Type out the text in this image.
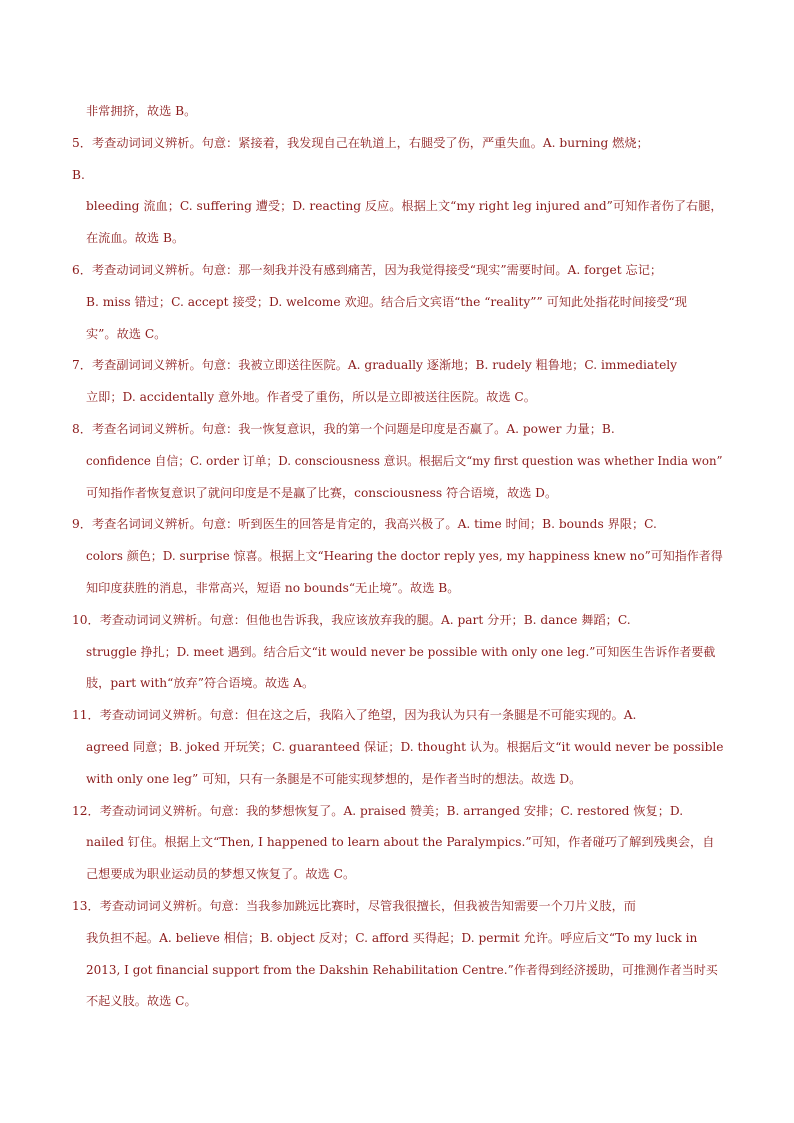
非常拥挤，故选 B。
5．考查动词词义辨析。句意：紧接着，我发现自己在轨道上，右腿受了伤，严重失血。A. burning 燃烧；
B.
bleeding 流血；C. suffering 遭受；D. reacting 反应。根据上文“my right leg injured and”可知作者伤了右腿，
在流血。故选 B。
6．考查动词词义辨析。句意：那一刻我并没有感到痛苦，因为我觉得接受“现实”需要时间。A. forget 忘记；
B. miss 错过；C. accept 接受；D. welcome 欢迎。结合后文宾语“the “reality”” 可知此处指花时间接受“现
实”。故选 C。
7．考查副词词义辨析。句意：我被立即送往医院。A. gradually 逐渐地；B. rudely 粗鲁地；C. immediately
立即；D. accidentally 意外地。作者受了重伤，所以是立即被送往医院。故选 C。
8．考查名词词义辨析。句意：我一恢复意识，我的第一个问题是印度是否赢了。A. power 力量；B.
confidence 自信；C. order 订单；D. consciousness 意识。根据后文“my first question was whether India won”
可知指作者恢复意识了就问印度是不是赢了比赛，consciousness 符合语境，故选 D。
9．考查名词词义辨析。句意：听到医生的回答是肯定的，我高兴极了。A. time 时间；B. bounds 界限；C.
colors 颜色；D. surprise 惊喜。根据上文“Hearing the doctor reply yes, my happiness knew no”可知指作者得
知印度获胜的消息，非常高兴，短语 no bounds“无止境”。故选 B。
10．考查动词词义辨析。句意：但他也告诉我，我应该放弃我的腿。A. part 分开；B. dance 舞蹈；C.
struggle 挣扎；D. meet 遇到。结合后文“it would never be possible with only one leg.”可知医生告诉作者要截
肢，part with“放弃”符合语境。故选 A。
11．考查动词词义辨析。句意：但在这之后，我陷入了绝望，因为我认为只有一条腿是不可能实现的。A.
agreed 同意；B. joked 开玩笑；C. guaranteed 保证；D. thought 认为。根据后文“it would never be possible
with only one leg” 可知，只有一条腿是不可能实现梦想的，是作者当时的想法。故选 D。
12．考查动词词义辨析。句意：我的梦想恢复了。A. praised 赞美；B. arranged 安排；C. restored 恢复；D.
nailed 钉住。根据上文“Then, I happened to learn about the Paralympics.”可知，作者碰巧了解到残奥会，自
己想要成为职业运动员的梦想又恢复了。故选 C。
13．考查动词词义辨析。句意：当我参加跳远比赛时，尽管我很擅长，但我被告知需要一个刀片义肢，而
我负担不起。A. believe 相信；B. object 反对；C. afford 买得起；D. permit 允许。呼应后文“To my luck in
2013, I got financial support from the Dakshin Rehabilitation Centre.”作者得到经济援助，可推测作者当时买
不起义肢。故选 C。
